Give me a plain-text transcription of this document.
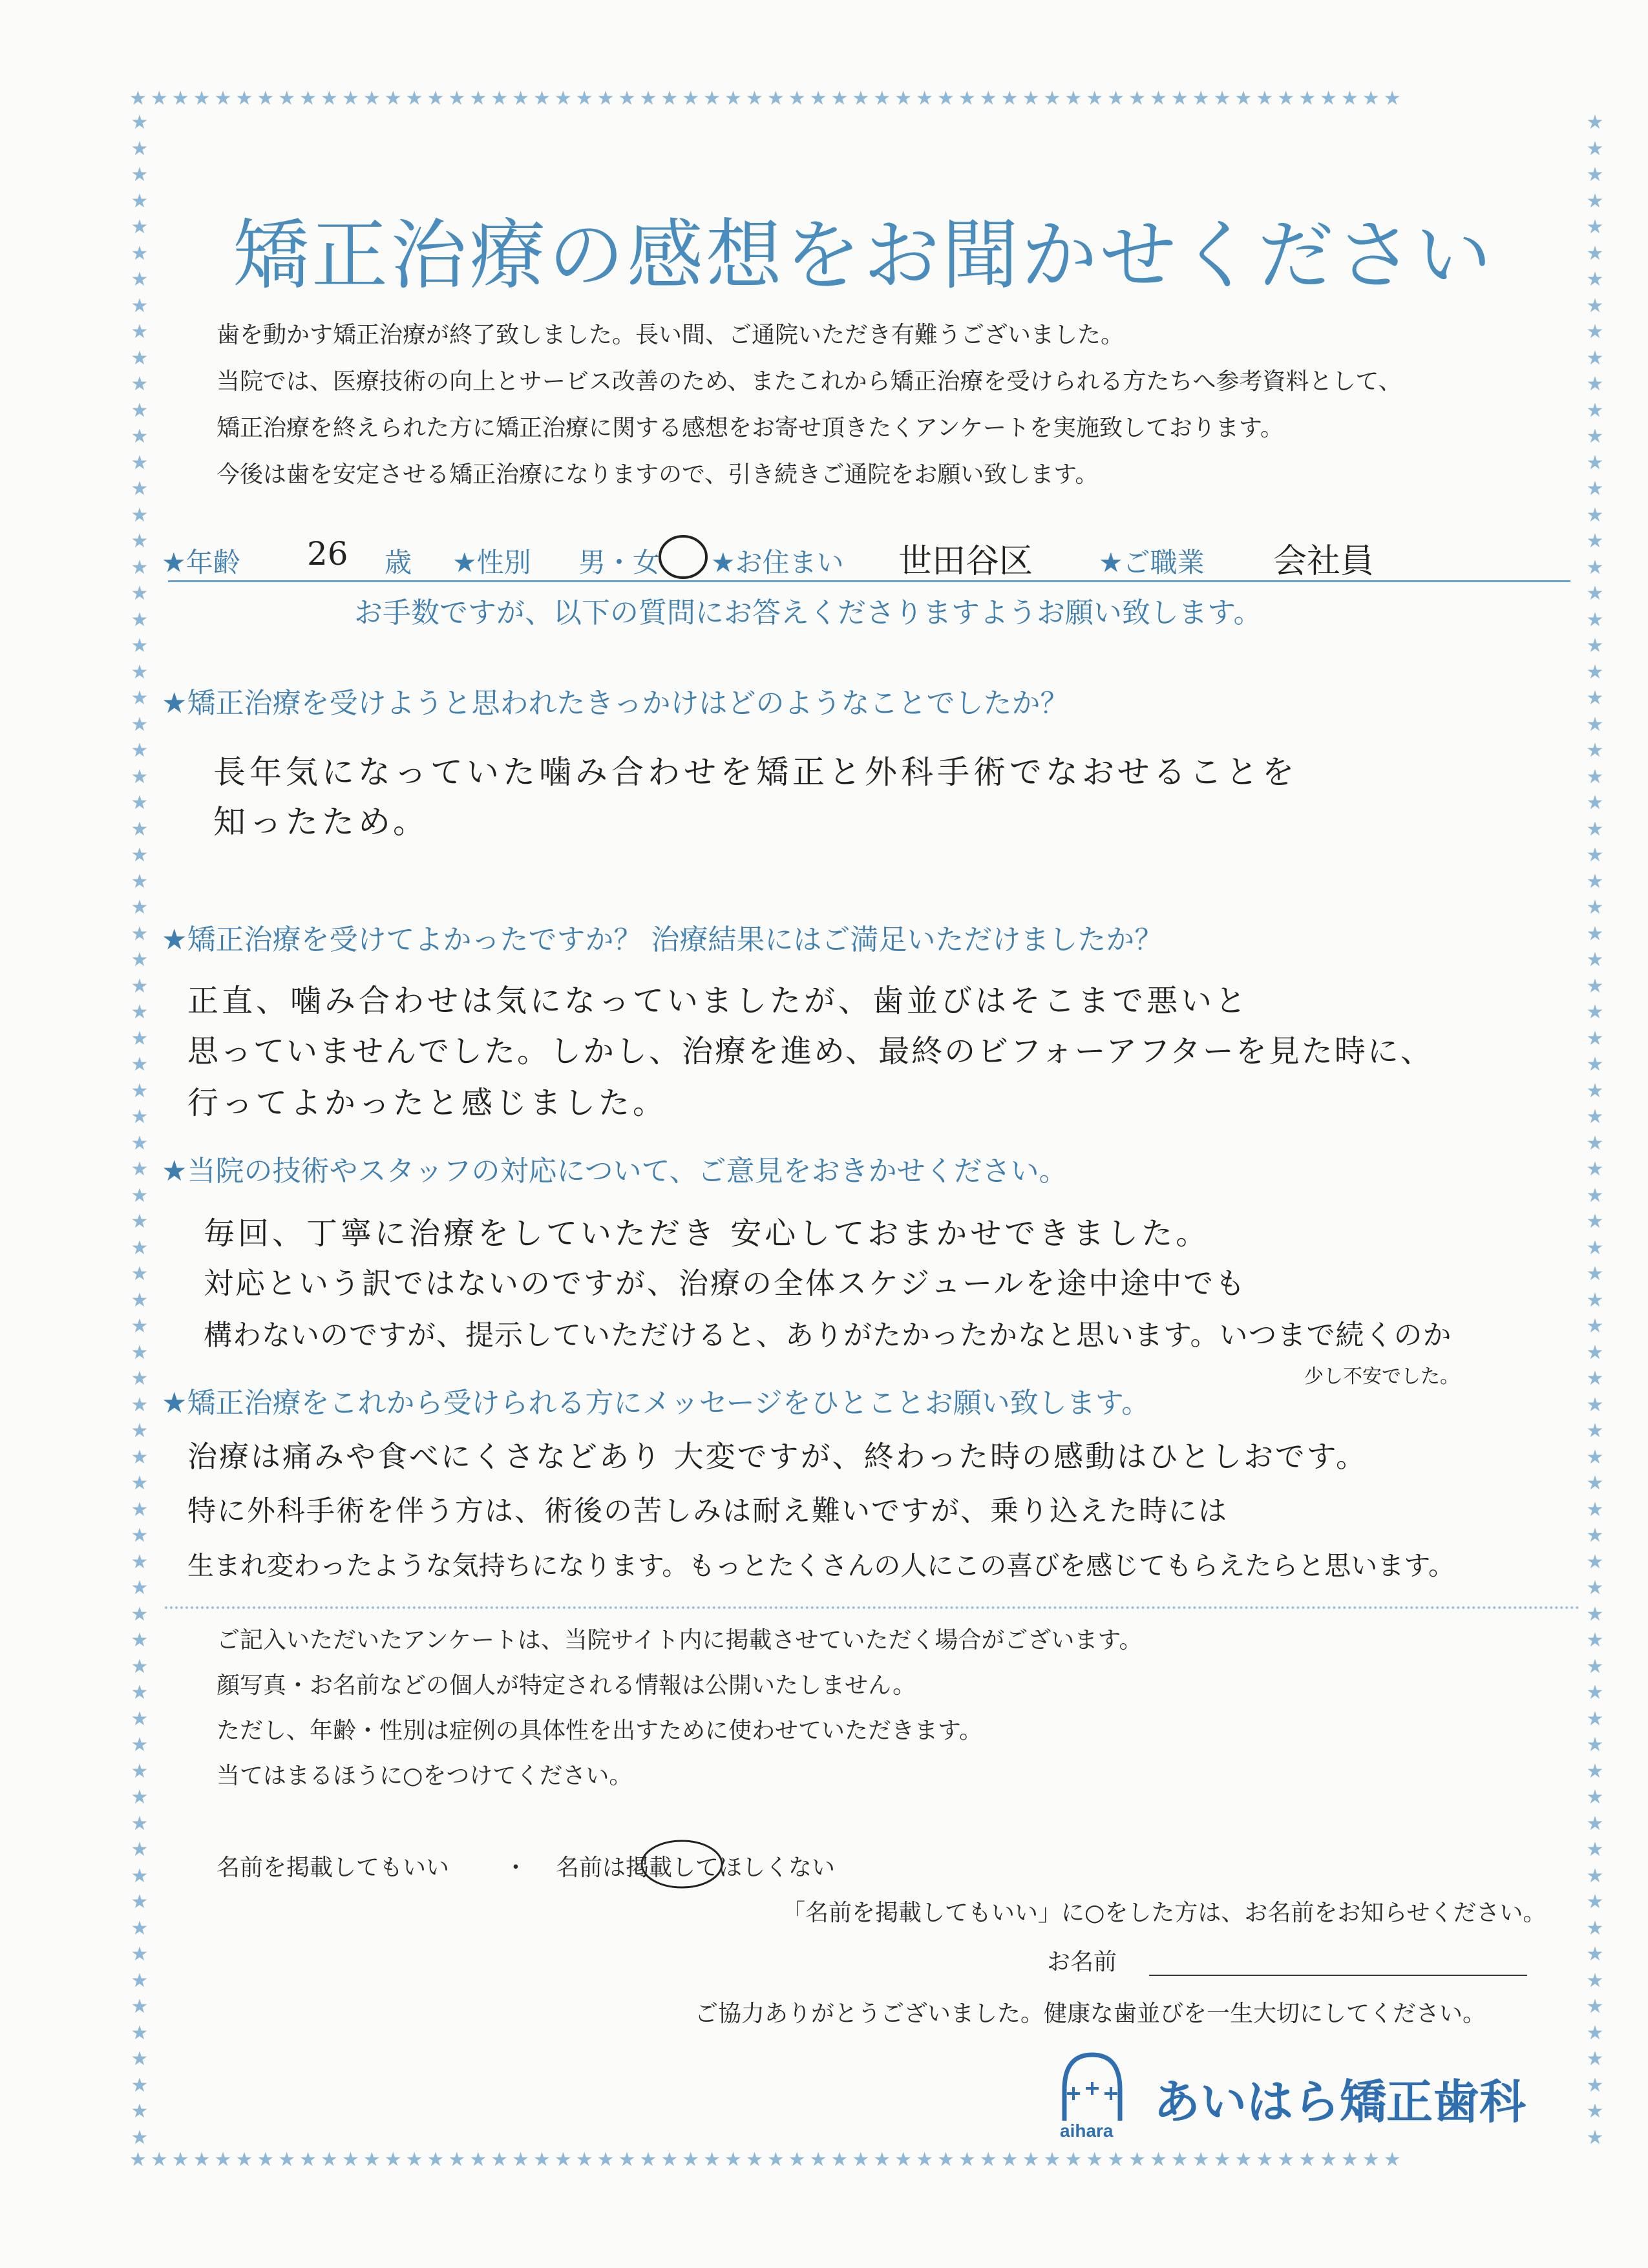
★★★★★★★★★★★★★★★★★★★★★★★★★★★★★★★★★★★★★★★★★★★★★★★★★★★★★★★★★★★★
★★★★★★★★★★★★★★★★★★★★★★★★★★★★★★★★★★★★★★★★★★★★★★★★★★★★★★★★★★★★
★
★
★
★
★
★
★
★
★
★
★
★
★
★
★
★
★
★
★
★
★
★
★
★
★
★
★
★
★
★
★
★
★
★
★
★
★
★
★
★
★
★
★
★
★
★
★
★
★
★
★
★
★
★
★
★
★
★
★
★
★
★
★
★
★
★
★
★
★
★
★
★
★
★
★
★
★
★

★
★
★
★
★
★
★
★
★
★
★
★
★
★
★
★
★
★
★
★
★
★
★
★
★
★
★
★
★
★
★
★
★
★
★
★
★
★
★
★
★
★
★
★
★
★
★
★
★
★
★
★
★
★
★
★
★
★
★
★
★
★
★
★
★
★
★
★
★
★
★
★
★
★
★
★
★
★

矯正治療の感想をお聞かせください
歯を動かす矯正治療が終了致しました。長い間、ご通院いただき有難うございました。
当院では、医療技術の向上とサービス改善のため、またこれから矯正治療を受けられる方たちへ参考資料として、
矯正治療を終えられた方に矯正治療に関する感想をお寄せ頂きたくアンケートを実施致しております。
今後は歯を安定させる矯正治療になりますので、引き続きご通院をお願い致します。
★年齢 26 歳 ★性別 男・女 ★お住まい 世田谷区 ★ご職業 会社員
お手数ですが、以下の質問にお答えくださりますようお願い致します。
★矯正治療を受けようと思われたきっかけはどのようなことでしたか？
長年気になっていた噛み合わせを矯正と外科手術でなおせることを
知ったため。
★矯正治療を受けてよかったですか？ 治療結果にはご満足いただけましたか？
正直、噛み合わせは気になっていましたが、歯並びはそこまで悪いと
思っていませんでした。しかし、治療を進め、最終のビフォーアフターを見た時に、
行ってよかったと感じました。
★当院の技術やスタッフの対応について、ご意見をおきかせください。
毎回、丁寧に治療をしていただき 安心しておまかせできました。
対応という訳ではないのですが、治療の全体スケジュールを途中途中でも
構わないのですが、提示していただけると、ありがたかったかなと思います。いつまで続くのか
少し不安でした。
★矯正治療をこれから受けられる方にメッセージをひとことお願い致します。
治療は痛みや食べにくさなどあり 大変ですが、終わった時の感動はひとしおです。
特に外科手術を伴う方は、術後の苦しみは耐え難いですが、乗り込えた時には
生まれ変わったような気持ちになります。もっとたくさんの人にこの喜びを感じてもらえたらと思います。
ご記入いただいたアンケートは、当院サイト内に掲載させていただく場合がございます。
顔写真・お名前などの個人が特定される情報は公開いたしません。
ただし、年齢・性別は症例の具体性を出すために使わせていただきます。
当てはまるほうに○をつけてください。
名前を掲載してもいい ・ 名前は掲載してほしくない
「名前を掲載してもいい」に○をした方は、お名前をお知らせください。
お名前
ご協力ありがとうございました。健康な歯並びを一生大切にしてください。
aihara
あいはら矯正歯科
